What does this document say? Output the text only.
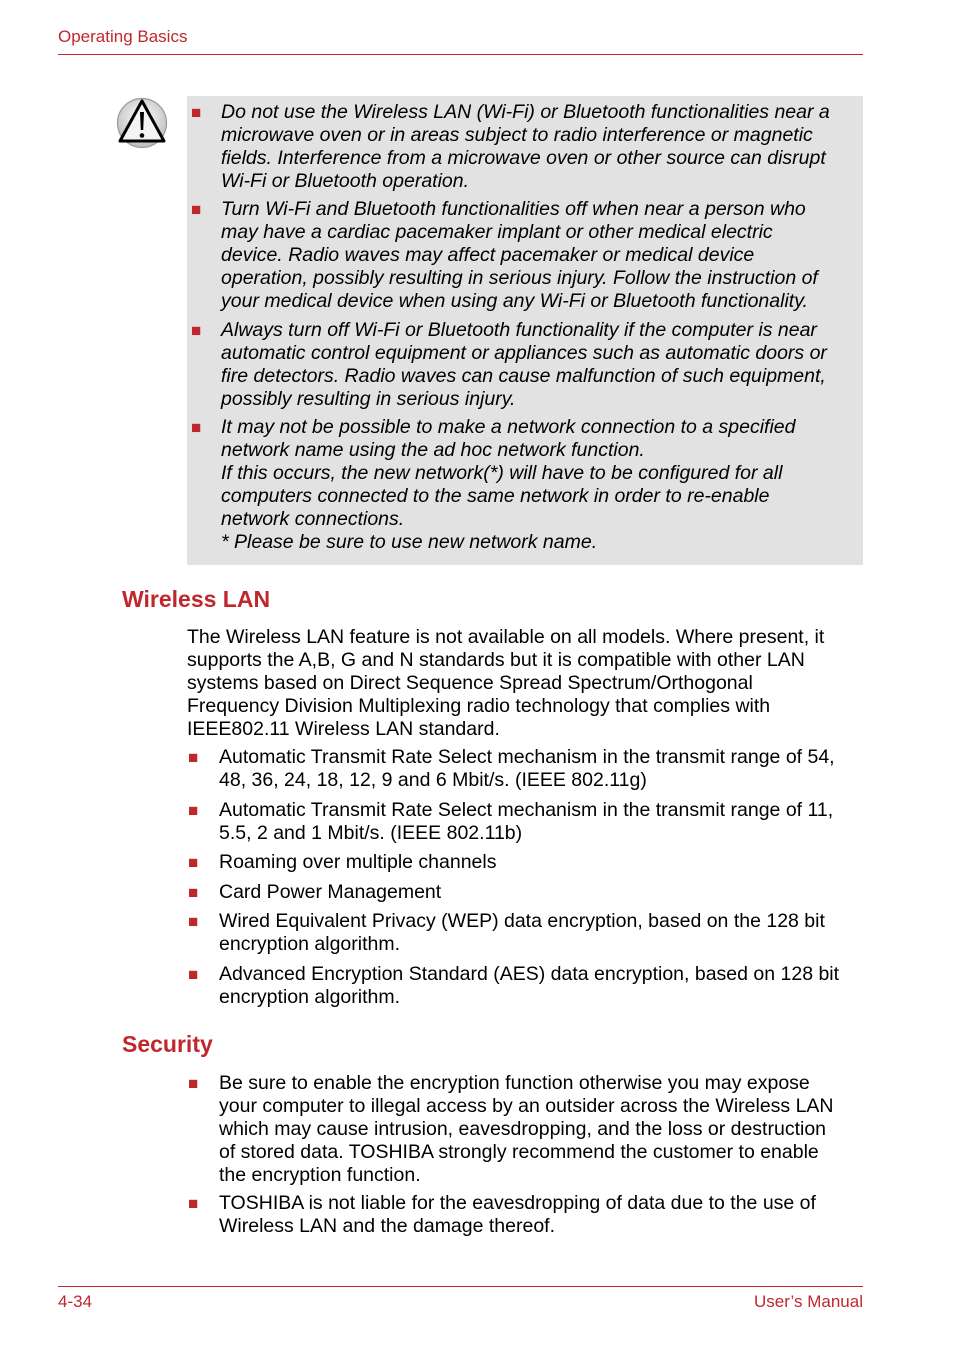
Operating Basics
■ Do not use the Wireless LAN (Wi-Fi) or Bluetooth functionalities near a
microwave oven or in areas subject to radio interference or magnetic
fields. Interference from a microwave oven or other source can disrupt
Wi-Fi or Bluetooth operation.
■ Turn Wi-Fi and Bluetooth functionalities off when near a person who
may have a cardiac pacemaker implant or other medical electric
device. Radio waves may affect pacemaker or medical device
operation, possibly resulting in serious injury. Follow the instruction of
your medical device when using any Wi-Fi or Bluetooth functionality.
■ Always turn off Wi-Fi or Bluetooth functionality if the computer is near
automatic control equipment or appliances such as automatic doors or
fire detectors. Radio waves can cause malfunction of such equipment,
possibly resulting in serious injury.
■ It may not be possible to make a network connection to a specified
network name using the ad hoc network function.
If this occurs, the new network(*) will have to be configured for all
computers connected to the same network in order to re-enable
network connections.
* Please be sure to use new network name.
Wireless LAN
The Wireless LAN feature is not available on all models. Where present, it
supports the A,B, G and N standards but it is compatible with other LAN
systems based on Direct Sequence Spread Spectrum/Orthogonal
Frequency Division Multiplexing radio technology that complies with
IEEE802.11 Wireless LAN standard.
■ Automatic Transmit Rate Select mechanism in the transmit range of 54,
48, 36, 24, 18, 12, 9 and 6 Mbit/s. (IEEE 802.11g)
■ Automatic Transmit Rate Select mechanism in the transmit range of 11,
5.5, 2 and 1 Mbit/s. (IEEE 802.11b)
■ Roaming over multiple channels
■ Card Power Management
■ Wired Equivalent Privacy (WEP) data encryption, based on the 128 bit
encryption algorithm.
■ Advanced Encryption Standard (AES) data encryption, based on 128 bit
encryption algorithm.
Security
■ Be sure to enable the encryption function otherwise you may expose
your computer to illegal access by an outsider across the Wireless LAN
which may cause intrusion, eavesdropping, and the loss or destruction
of stored data. TOSHIBA strongly recommend the customer to enable
the encryption function.
■ TOSHIBA is not liable for the eavesdropping of data due to the use of
Wireless LAN and the damage thereof.
4-34	User’s Manual
